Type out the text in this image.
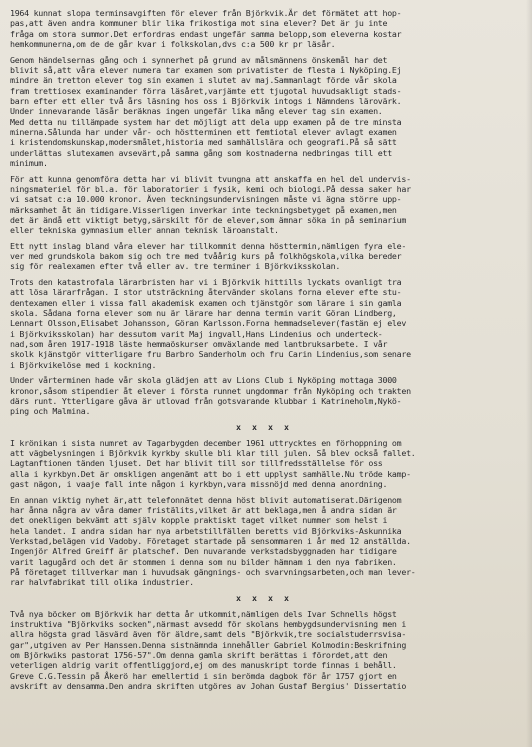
1964 kunnat slopa terminsavgiften för elever från Björkvik.Är det förmätet att hop-
pas,att även andra kommuner blir lika frikostiga mot sina elever? Det är ju inte
fråga om stora summor.Det erfordras endast ungefär samma belopp,som eleverna kostar
hemkommunerna,om de de går kvar i folkskolan,dvs c:a 500 kr pr läsår.
Genom händelsernas gång och i synnerhet på grund av målsmännens önskemål har det
blivit så,att våra elever numera tar examen som privatister de flesta i Nyköping.Ej
mindre än tretton elever tog sin examen i slutet av maj.Sammanlagt förde vår skola
fram trettiosex examinander förra läsåret,varjämte ett tjugotal huvudsakligt stads-
barn efter ett eller två års läsning hos oss i Björkvik intogs i Nämndens lärovärk.
Under innevarande läsår beräknas ingen ungefär lika mång elever tag sin examen.
Med detta nu tillämpade system har det möjligt att dela upp examen på de tre minsta
minerna.Sålunda har under vår- och höstterminen ett femtiotal elever avlagt examen
i kristendomskunskap,modersmålet,historia med samhällslära och geografi.På så sätt
underlättas slutexamen avsevärt,på samma gång som kostnaderna nedbringas till ett
minimum.
För att kunna genomföra detta har vi blivit tvungna att anskaffa en hel del undervis-
ningsmateriel för bl.a. för laboratorier i fysik, kemi och biologi.På dessa saker har
vi satsat c:a 10.000 kronor. Även teckningsundervisningen måste vi ägna större upp-
märksamhet åt än tidigare.Visserligen inverkar inte teckningsbetyget på examen,men
det är ändå ett viktigt betyg,särskilt för de elever,som ämnar söka in på seminarium
eller tekniska gymnasium eller annan teknisk läroanstalt.
Ett nytt inslag bland våra elever har tillkommit denna hösttermin,nämligen fyra ele-
ver med grundskola bakom sig och tre med tvåårig kurs på folkhögskola,vilka bereder
sig för realexamen efter två eller av. tre terminer i Björkviksskolan.
Trots den katastrofala lärarbristen har vi i Björkvik hittills lyckats ovanligt tra
att lösa lärarfrågan. I stor utsträckning återvänder skolans forna elever efte stu-
dentexamen eller i vissa fall akademisk examen och tjänstgör som lärare i sin gamla
skola. Sådana forna elever som nu är lärare har denna termin varit Göran Lindberg,
Lennart Olsson,Elisabet Johansson, Göran Karlsson.Forna hemmadselever(fastän ej elev
i Björkviksskolan) har dessutom varit Maj ingvall,Hans Lindenius och underteck-
nad,som åren 1917-1918 läste hemmaöskurser omväxlande med lantbruksarbete. I vår
skolk kjänstgör vitterligare fru Barbro Sanderholm och fru Carin Lindenius,som senare
i Björkvikelöse med i kockning.
Under vårterminen hade vår skola glädjen att av Lions Club i Nyköping mottaga 3000
kronor,såsom stipendier åt elever i första runnet ungdommar från Nyköping och trakten
därs runt. Ytterligare gåva är utlovad från gotsvarande klubbar i Katrineholm,Nykö-
ping och Malmina.
x x x x
I krönikan i sista numret av Tagarbygden december 1961 uttrycktes en förhoppning om
att vägbelysningen i Björkvik kyrkby skulle bli klar till julen. Så blev också fallet.
Lagtanftionen tänden ljuset. Det har blivit till sor tillfredsställelse för oss
alla i kyrkbyn.Det är omskligen angenämt att bo i ett upplyst samhälle.Nu tröde kamp-
gast nägon, i vaaje fall inte någon i kyrkbyn,vara missnöjd med denna anordning.
En annan viktig nyhet är,att telefonnätet denna höst blivit automatiserat.Därigenom
har ånna några av våra damer fristälits,vilket är att beklaga,men å andra sidan är
det onekligen bekvämt att själv kopple praktiskt taget vilket nummer som helst i
hela landet. I andra sidan har nya arbetstillfällen beretts vid Björkviks-Askunnika
Verkstad,belägen vid Vadoby. Företaget startade på sensommaren i år med 12 anställda.
Ingenjör Alfred Greiff är platschef. Den nuvarande verkstadsbyggnaden har tidigare
varit lagugård och det är stommen i denna som nu bilder hämnam i den nya fabriken.
På företaget tillverkar man i huvudsak gängnings- och svarvningsarbeten,och man lever-
rar halvfabrikat till olika industrier.
x x x x
Två nya böcker om Björkvik har detta år utkommit,nämligen dels Ivar Schnells högst
instruktiva "Björkviks socken",närmast avsedd för skolans hembygdsundervisning men i
allra högsta grad läsvärd även för äldre,samt dels "Björkvik,tre socialstuderrsvisa-
gar",utgiven av Per Hanssen.Denna sistnämnda innehåller Gabriel Kolmodin:Beskrifning
om Björkwiks pastorat 1756-57".Om denna gamla skrift berättas i förordet,att den
veterligen aldrig varit offentliggjord,ej om des manuskript torde finnas i behåll.
Greve C.G.Tessin på Åkerö har emellertid i sin berömda dagbok för år 1757 gjort en
avskrift av densamma.Den andra skriften utgöres av Johan Gustaf Bergius' Dissertatio
